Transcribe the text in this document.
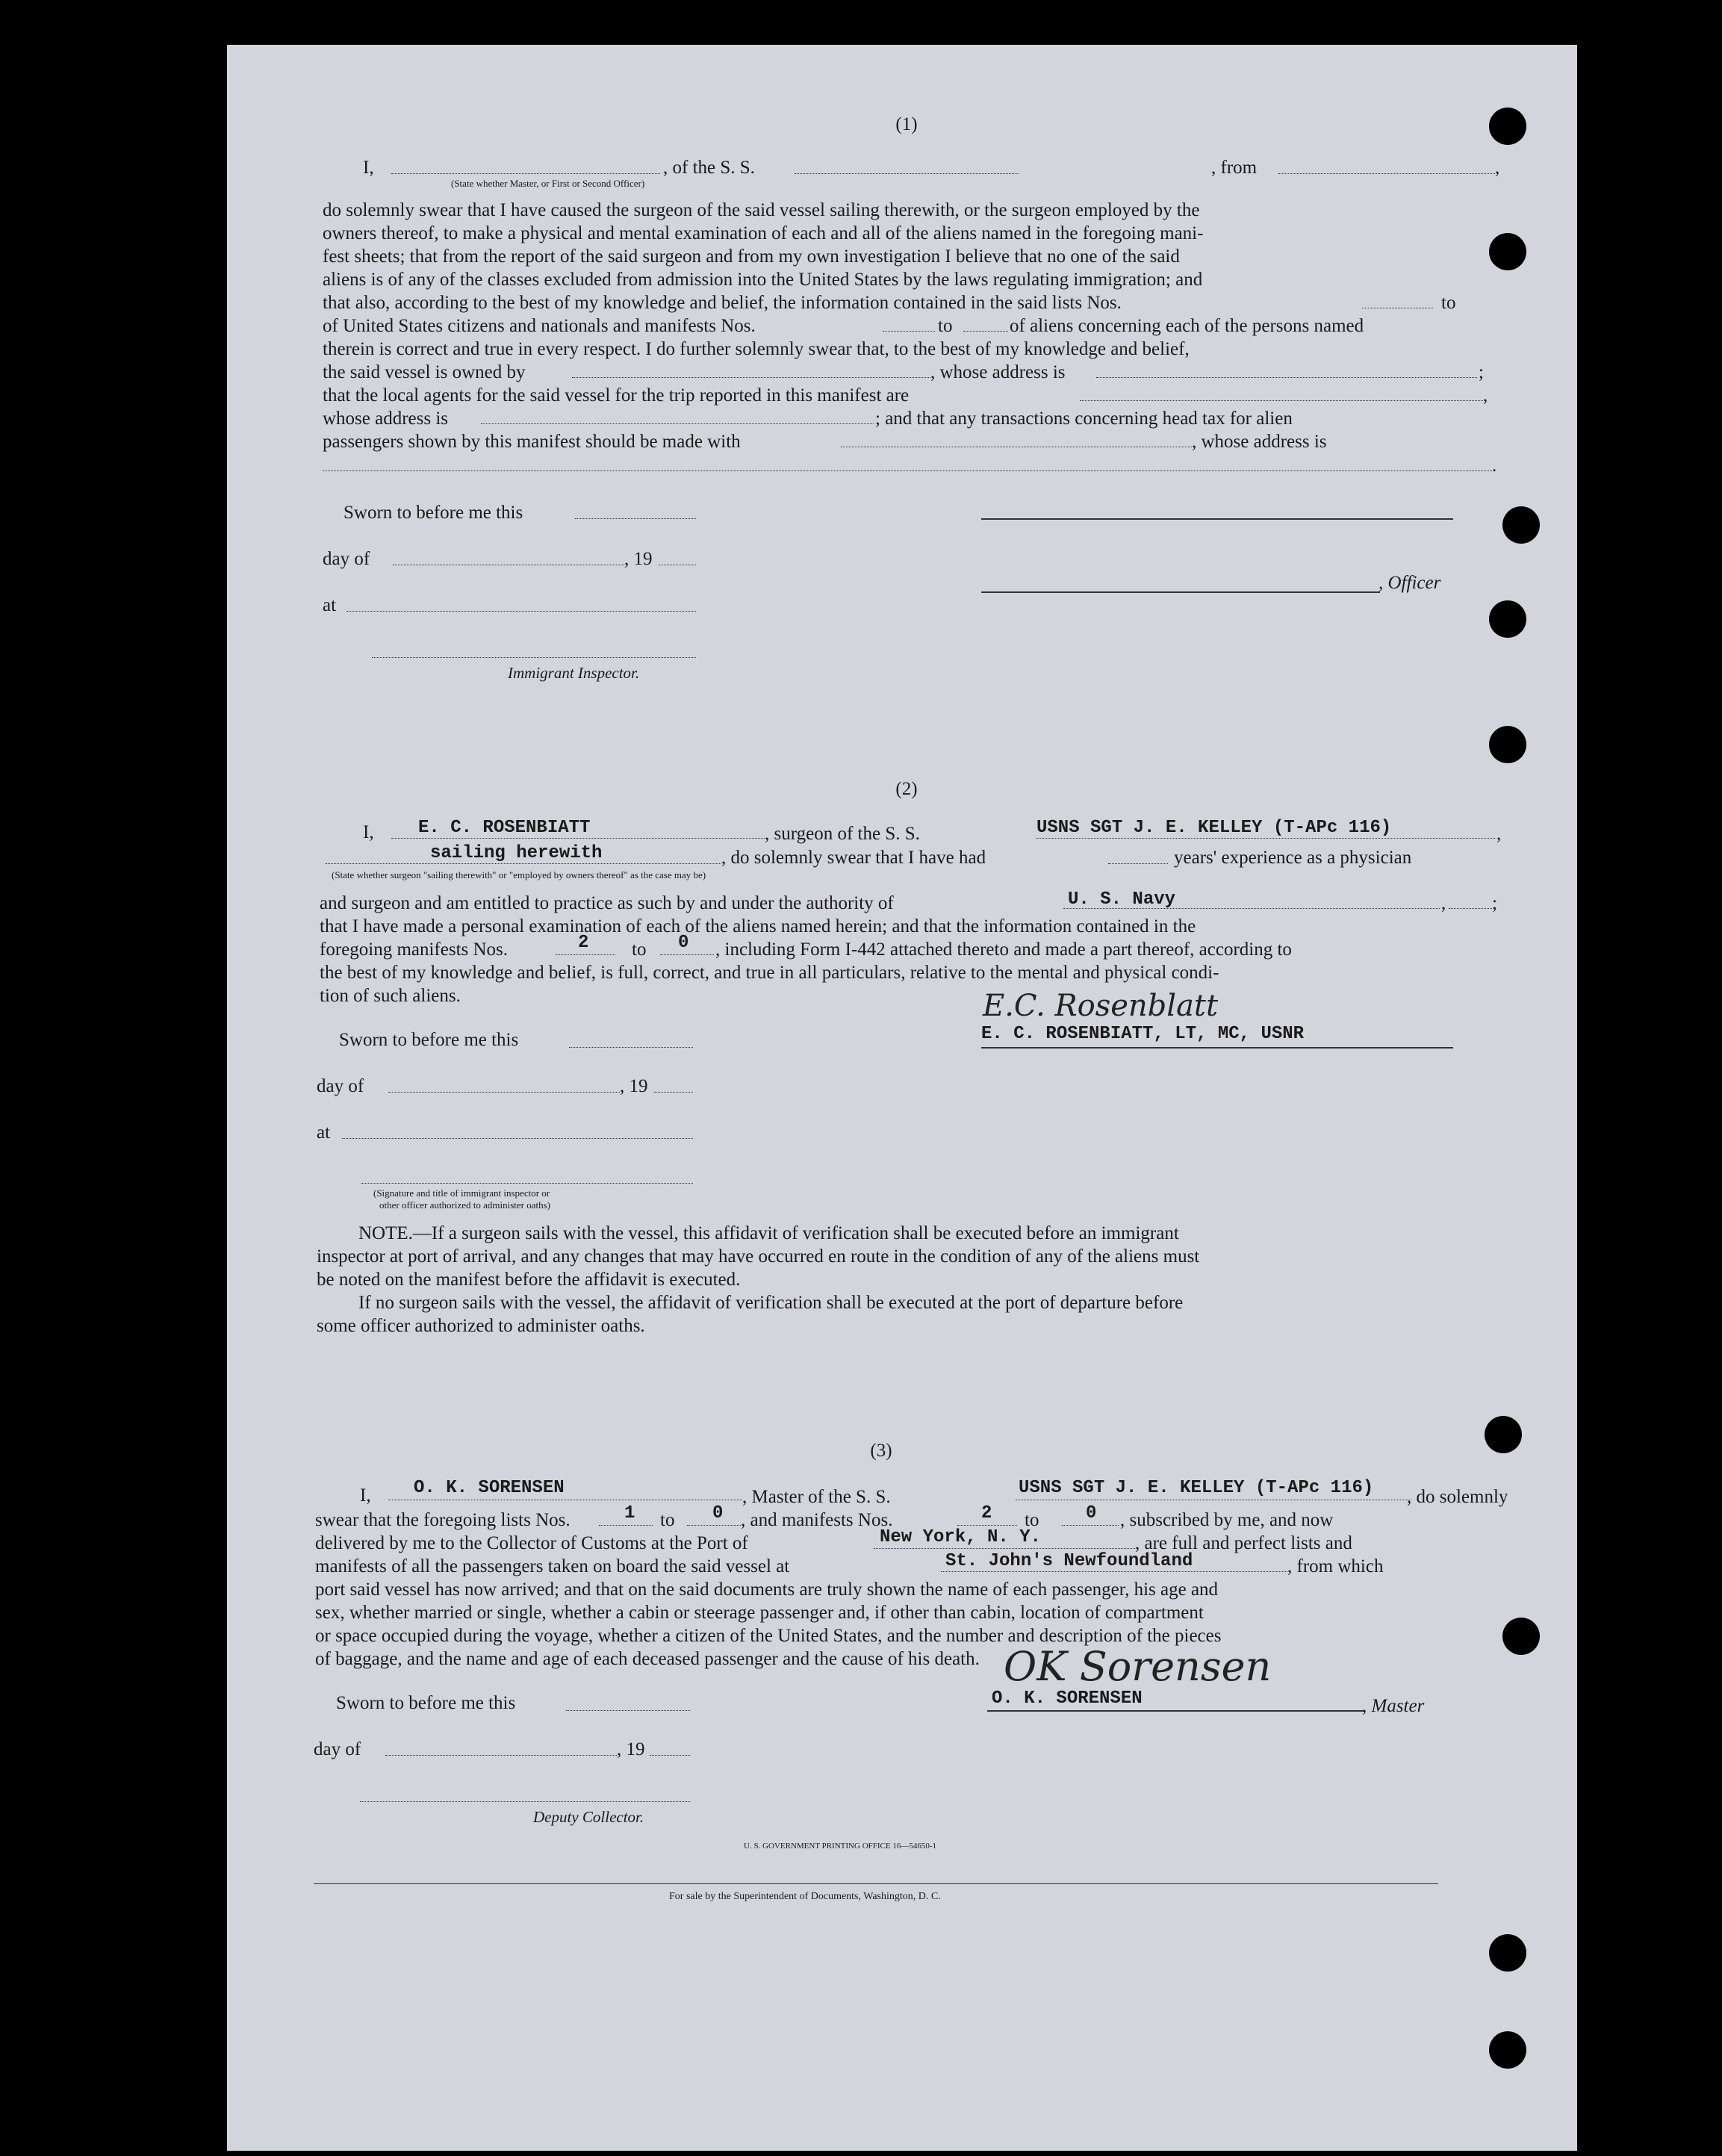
(1)
I,
(State whether Master, or First or Second Officer)
, of the S. S.	, from	,
do solemnly swear that I have caused the surgeon of the said vessel sailing therewith, or the surgeon employed by the
owners thereof, to make a physical and mental examination of each and all of the aliens named in the foregoing mani-
fest sheets; that from the report of the said surgeon and from my own investigation I believe that no one of the said
aliens is of any of the classes excluded from admission into the United States by the laws regulating immigration; and
that also, according to the best of my knowledge and belief, the information contained in the said lists Nos.	to
of United States citizens and nationals and manifests Nos.	to	of aliens concerning each of the persons named
therein is correct and true in every respect. I do further solemnly swear that, to the best of my knowledge and belief,
the said vessel is owned by	, whose address is	;
that the local agents for the said vessel for the trip reported in this manifest are	,
whose address is	; and that any transactions concerning head tax for alien
passengers shown by this manifest should be made with	, whose address is
.
Sworn to before me this
day of	, 19
at
, Officer
Immigrant Inspector.
(2)
I, E. C. ROSENBIATT	, surgeon of the S. S.	USNS SGT J. E. KELLEY (T-APc 116)	,
sailing herewith	, do solemnly swear that I have had	years' experience as a physician
(State whether surgeon "sailing therewith" or "employed by owners thereof" as the case may be)
and surgeon and am entitled to practice as such by and under the authority of	U. S. Navy	, ;
that I have made a personal examination of each of the aliens named herein; and that the information contained in the
foregoing manifests Nos.	2 to 0 , including Form I-442 attached thereto and made a part thereof, according to
the best of my knowledge and belief, is full, correct, and true in all particulars, relative to the mental and physical condi-
tion of such aliens.	E.C. Rosenblatt
E. C. ROSENBIATT, LT, MC, USNR
Sworn to before me this
day of	, 19
at
(Signature and title of immigrant inspector or
other officer authorized to administer oaths)
NOTE.—If a surgeon sails with the vessel, this affidavit of verification shall be executed before an immigrant
inspector at port of arrival, and any changes that may have occurred en route in the condition of any of the aliens must
be noted on the manifest before the affidavit is executed.
If no surgeon sails with the vessel, the affidavit of verification shall be executed at the port of departure before
some officer authorized to administer oaths.
(3)
I, O. K. SORENSEN	, Master of the S. S.	USNS SGT J. E. KELLEY (T-APc 116) , do solemnly
swear that the foregoing lists Nos.	1 to 0 , and manifests Nos.	2 to	0 , subscribed by me, and now
delivered by me to the Collector of Customs at the Port of	New York, N. Y.	, are full and perfect lists and
manifests of all the passengers taken on board the said vessel at	St. John's Newfoundland	, from which
port said vessel has now arrived; and that on the said documents are truly shown the name of each passenger, his age and
sex, whether married or single, whether a cabin or steerage passenger and, if other than cabin, location of compartment
or space occupied during the voyage, whether a citizen of the United States, and the number and description of the pieces
of baggage, and the name and age of each deceased passenger and the cause of his death. OK Sorensen
O. K. SORENSEN	, Master
Sworn to before me this
day of	, 19
Deputy Collector.
U. S. GOVERNMENT PRINTING OFFICE 16—54650-1
For sale by the Superintendent of Documents, Washington, D. C.
